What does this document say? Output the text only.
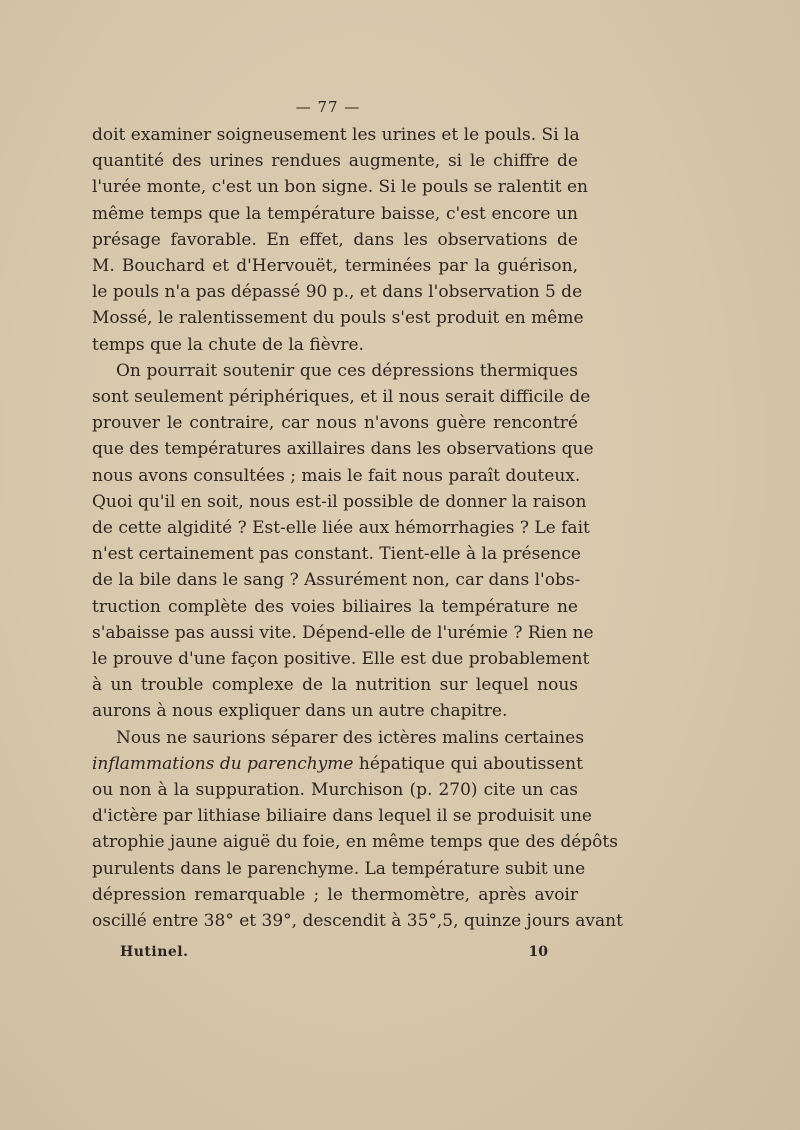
— 77 —
doit examiner soigneusement les urines et le pouls. Si la
quantité des urines rendues augmente, si le chiffre de
l'urée monte, c'est un bon signe. Si le pouls se ralentit en
même temps que la température baisse, c'est encore un
présage favorable. En effet, dans les observations de
M. Bouchard et d'Hervouët, terminées par la guérison,
le pouls n'a pas dépassé 90 p., et dans l'observation 5 de
Mossé, le ralentissement du pouls s'est produit en même
temps que la chute de la fièvre.
On pourrait soutenir que ces dépressions thermiques
sont seulement périphériques, et il nous serait difficile de
prouver le contraire, car nous n'avons guère rencontré
que des températures axillaires dans les observations que
nous avons consultées ; mais le fait nous paraît douteux.
Quoi qu'il en soit, nous est-il possible de donner la raison
de cette algidité ? Est-elle liée aux hémorrhagies ? Le fait
n'est certainement pas constant. Tient-elle à la présence
de la bile dans le sang ? Assurément non, car dans l'obs-
truction complète des voies biliaires la température ne
s'abaisse pas aussi vite. Dépend-elle de l'urémie ? Rien ne
le prouve d'une façon positive. Elle est due probablement
à un trouble complexe de la nutrition sur lequel nous
aurons à nous expliquer dans un autre chapitre.
Nous ne saurions séparer des ictères malins certaines
inflammations du parenchyme hépatique qui aboutissent
ou non à la suppuration. Murchison (p. 270) cite un cas
d'ictère par lithiase biliaire dans lequel il se produisit une
atrophie jaune aiguë du foie, en même temps que des dépôts
purulents dans le parenchyme. La température subit une
dépression remarquable ; le thermomètre, après avoir
oscillé entre 38° et 39°, descendit à 35°,5, quinze jours avant
Hutinel.	10
